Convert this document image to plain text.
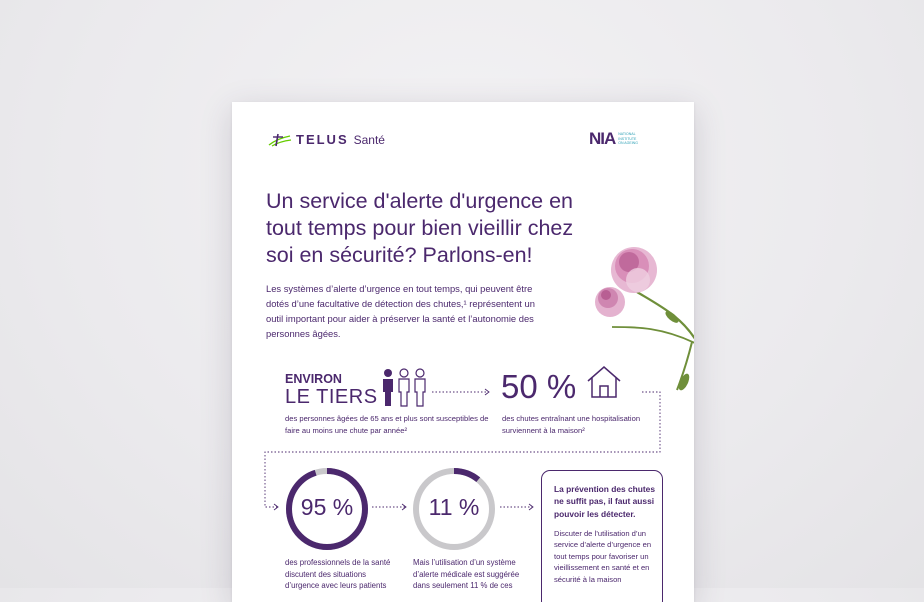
TELUS Santé	NIA NATIONAL
INSTITUTE
ON AGEING
Un service d'alerte d'urgence en tout temps pour bien vieillir chez soi en sécurité? Parlons-en!

Les systèmes d’alerte d’urgence en tout temps, qui peuvent être dotés d’une facultative de détection des chutes,¹ représentent un outil important pour aider à préserver la santé et l’autonomie des personnes âgées.

ENVIRON
LE TIERS
des personnes âgées de 65 ans et plus sont susceptibles de faire au moins une chute par année²
50 %
des chutes entraînant une hospitalisation surviennent à la maison²
95 %
des professionnels de la santé discutent des situations d’urgence avec leurs patients
11 %
Mais l’utilisation d’un système d’alerte médicale est suggérée dans seulement 11 % de ces

La prévention des chutes ne suffit pas, il faut aussi pouvoir les détecter.

Discuter de l’utilisation d’un service d’alerte d’urgence en tout temps pour favoriser un vieillissement en santé et en sécurité à la maison
